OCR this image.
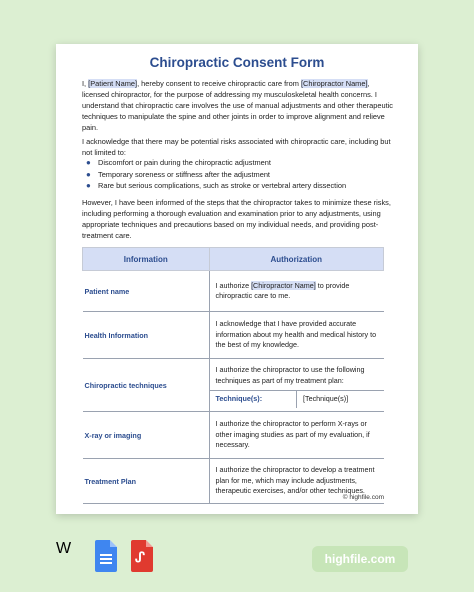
Chiropractic Consent Form
I, [Patient Name], hereby consent to receive chiropractic care from [Chiropractor Name], licensed chiropractor, for the purpose of addressing my musculoskeletal health concerns. I understand that chiropractic care involves the use of manual adjustments and other therapeutic techniques to manipulate the spine and other joints in order to improve alignment and relieve pain.
I acknowledge that there may be potential risks associated with chiropractic care, including but not limited to:
● Discomfort or pain during the chiropractic adjustment
● Temporary soreness or stiffness after the adjustment
● Rare but serious complications, such as stroke or vertebral artery dissection
However, I have been informed of the steps that the chiropractor takes to minimize these risks, including performing a thorough evaluation and examination prior to any adjustments, using appropriate techniques and precautions based on my individual needs, and providing post-treatment care.
Information	Authorization
Patient name	I authorize [Chiropractor Name] to provide chiropractic care to me.
Health Information	I acknowledge that I have provided accurate information about my health and medical history to the best of my knowledge.
Chiropractic techniques	I authorize the chiropractor to use the following techniques as part of my treatment plan:
Technique(s): [Technique(s)]

X-ray or imaging	I authorize the chiropractor to perform X-rays or other imaging studies as part of my evaluation, if necessary.
Treatment Plan	I authorize the chiropractor to develop a treatment plan for me, which may include adjustments, therapeutic exercises, and/or other techniques.
© highfile.com
W	ᔑ	highfile.com
